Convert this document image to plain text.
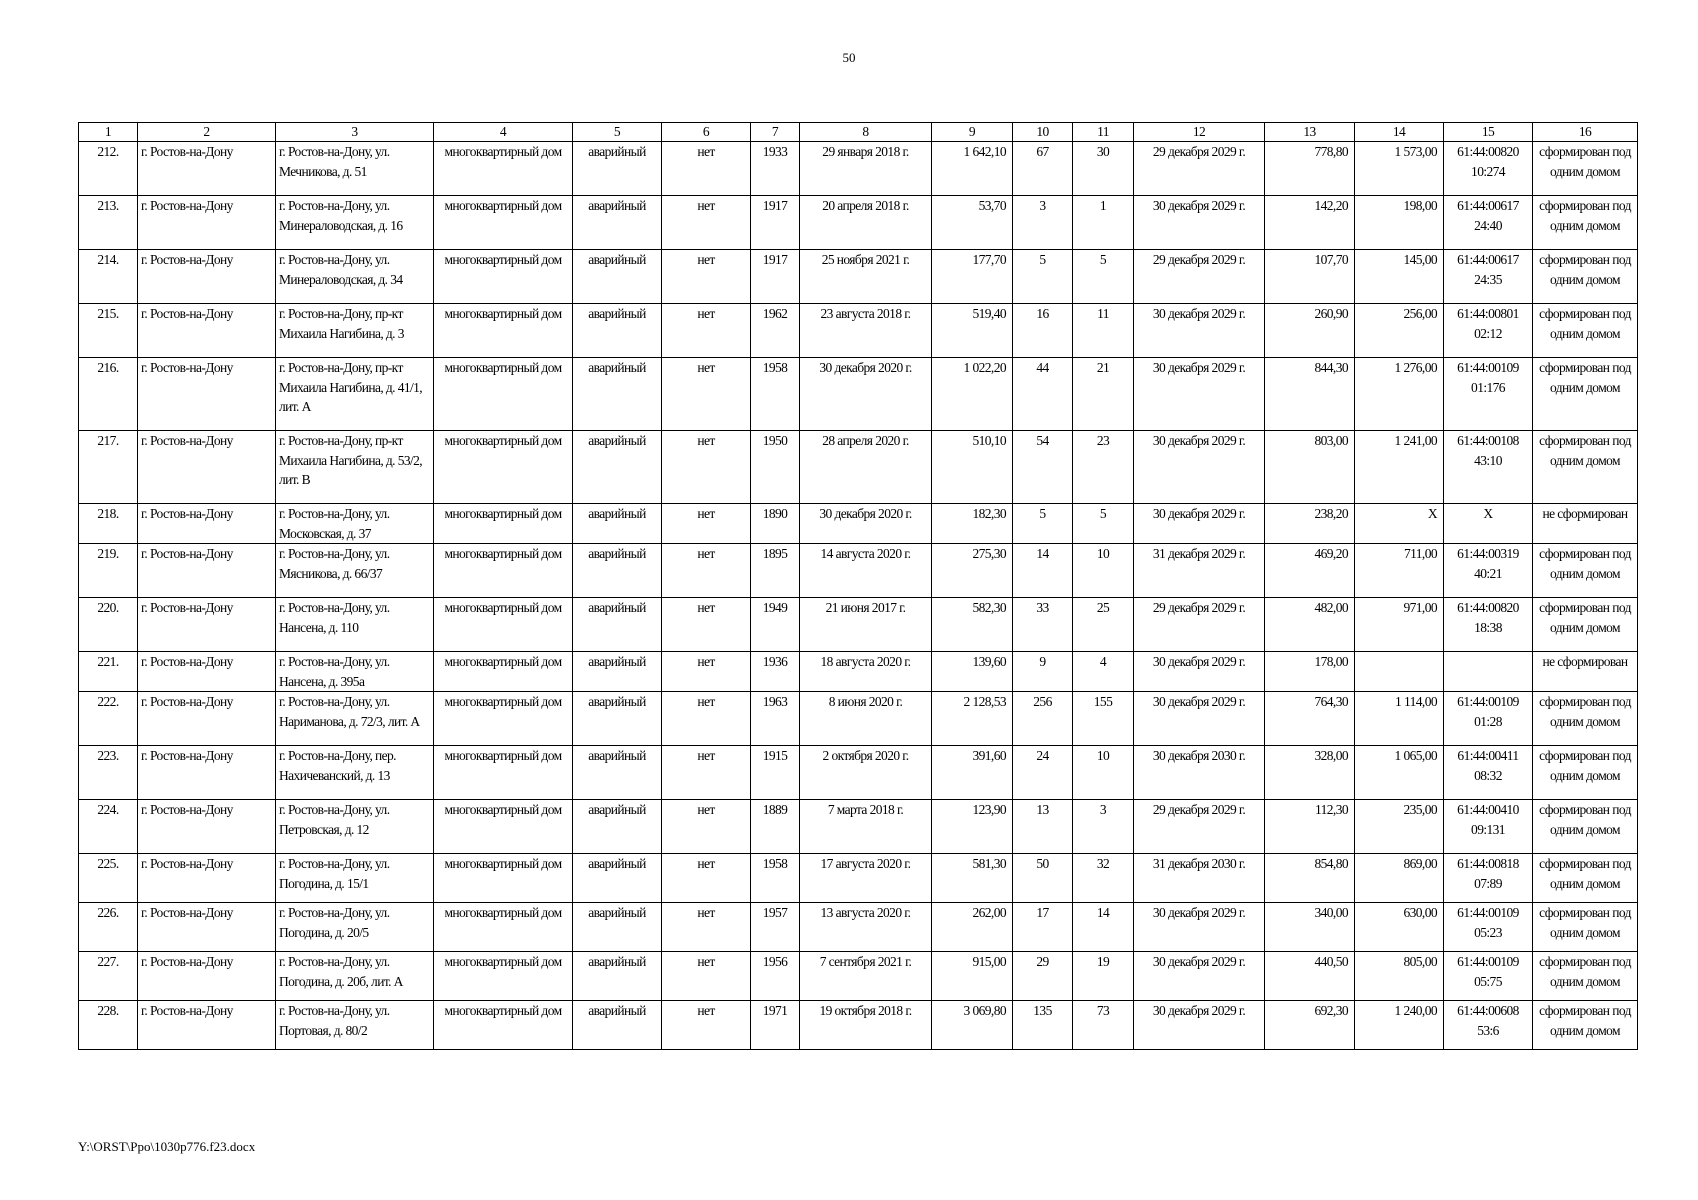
50
1	2	3	4	5	6	7	8	9	10	11	12	13	14	15	16
212.	г. Ростов-на-Дону	г. Ростов-на-Дону, ул. Мечникова, д. 51	многоквартирный дом	аварийный	нет	1933	29 января 2018 г.	1 642,10	67	30	29 декабря 2029 г.	778,80	1 573,00	61:44:00820 10:274	сформирован под одним домом
213.	г. Ростов-на-Дону	г. Ростов-на-Дону, ул. Минераловодская, д. 16	многоквартирный дом	аварийный	нет	1917	20 апреля 2018 г.	53,70	3	1	30 декабря 2029 г.	142,20	198,00	61:44:00617 24:40	сформирован под одним домом
214.	г. Ростов-на-Дону	г. Ростов-на-Дону, ул. Минераловодская, д. 34	многоквартирный дом	аварийный	нет	1917	25 ноября 2021 г.	177,70	5	5	29 декабря 2029 г.	107,70	145,00	61:44:00617 24:35	сформирован под одним домом
215.	г. Ростов-на-Дону	г. Ростов-на-Дону, пр-кт Михаила Нагибина, д. 3	многоквартирный дом	аварийный	нет	1962	23 августа 2018 г.	519,40	16	11	30 декабря 2029 г.	260,90	256,00	61:44:00801 02:12	сформирован под одним домом
216.	г. Ростов-на-Дону	г. Ростов-на-Дону, пр-кт Михаила Нагибина, д. 41/1, лит. А	многоквартирный дом	аварийный	нет	1958	30 декабря 2020 г.	1 022,20	44	21	30 декабря 2029 г.	844,30	1 276,00	61:44:00109 01:176	сформирован под одним домом
217.	г. Ростов-на-Дону	г. Ростов-на-Дону, пр-кт Михаила Нагибина, д. 53/2, лит. В	многоквартирный дом	аварийный	нет	1950	28 апреля 2020 г.	510,10	54	23	30 декабря 2029 г.	803,00	1 241,00	61:44:00108 43:10	сформирован под одним домом
218.	г. Ростов-на-Дону	г. Ростов-на-Дону, ул. Московская, д. 37	многоквартирный дом	аварийный	нет	1890	30 декабря 2020 г.	182,30	5	5	30 декабря 2029 г.	238,20	Х	Х	не сформирован
219.	г. Ростов-на-Дону	г. Ростов-на-Дону, ул. Мясникова, д. 66/37	многоквартирный дом	аварийный	нет	1895	14 августа 2020 г.	275,30	14	10	31 декабря 2029 г.	469,20	711,00	61:44:00319 40:21	сформирован под одним домом
220.	г. Ростов-на-Дону	г. Ростов-на-Дону, ул. Нансена, д. 110	многоквартирный дом	аварийный	нет	1949	21 июня 2017 г.	582,30	33	25	29 декабря 2029 г.	482,00	971,00	61:44:00820 18:38	сформирован под одним домом
221.	г. Ростов-на-Дону	г. Ростов-на-Дону, ул. Нансена, д. 395а	многоквартирный дом	аварийный	нет	1936	18 августа 2020 г.	139,60	9	4	30 декабря 2029 г.	178,00			не сформирован
222.	г. Ростов-на-Дону	г. Ростов-на-Дону, ул. Нариманова, д. 72/3, лит. А	многоквартирный дом	аварийный	нет	1963	8 июня 2020 г.	2 128,53	256	155	30 декабря 2029 г.	764,30	1 114,00	61:44:00109 01:28	сформирован под одним домом
223.	г. Ростов-на-Дону	г. Ростов-на-Дону, пер. Нахичеванский, д. 13	многоквартирный дом	аварийный	нет	1915	2 октября 2020 г.	391,60	24	10	30 декабря 2030 г.	328,00	1 065,00	61:44:00411 08:32	сформирован под одним домом
224.	г. Ростов-на-Дону	г. Ростов-на-Дону, ул. Петровская, д. 12	многоквартирный дом	аварийный	нет	1889	7 марта 2018 г.	123,90	13	3	29 декабря 2029 г.	112,30	235,00	61:44:00410 09:131	сформирован под одним домом
225.	г. Ростов-на-Дону	г. Ростов-на-Дону, ул. Погодина, д. 15/1	многоквартирный дом	аварийный	нет	1958	17 августа 2020 г.	581,30	50	32	31 декабря 2030 г.	854,80	869,00	61:44:00818 07:89	сформирован под одним домом
226.	г. Ростов-на-Дону	г. Ростов-на-Дону, ул. Погодина, д. 20/5	многоквартирный дом	аварийный	нет	1957	13 августа 2020 г.	262,00	17	14	30 декабря 2029 г.	340,00	630,00	61:44:00109 05:23	сформирован под одним домом
227.	г. Ростов-на-Дону	г. Ростов-на-Дону, ул. Погодина, д. 20б, лит. А	многоквартирный дом	аварийный	нет	1956	7 сентября 2021 г.	915,00	29	19	30 декабря 2029 г.	440,50	805,00	61:44:00109 05:75	сформирован под одним домом
228.	г. Ростов-на-Дону	г. Ростов-на-Дону, ул. Портовая, д. 80/2	многоквартирный дом	аварийный	нет	1971	19 октября 2018 г.	3 069,80	135	73	30 декабря 2029 г.	692,30	1 240,00	61:44:00608 53:6	сформирован под одним домом
Y:\ORST\Ppo\1030p776.f23.docx
